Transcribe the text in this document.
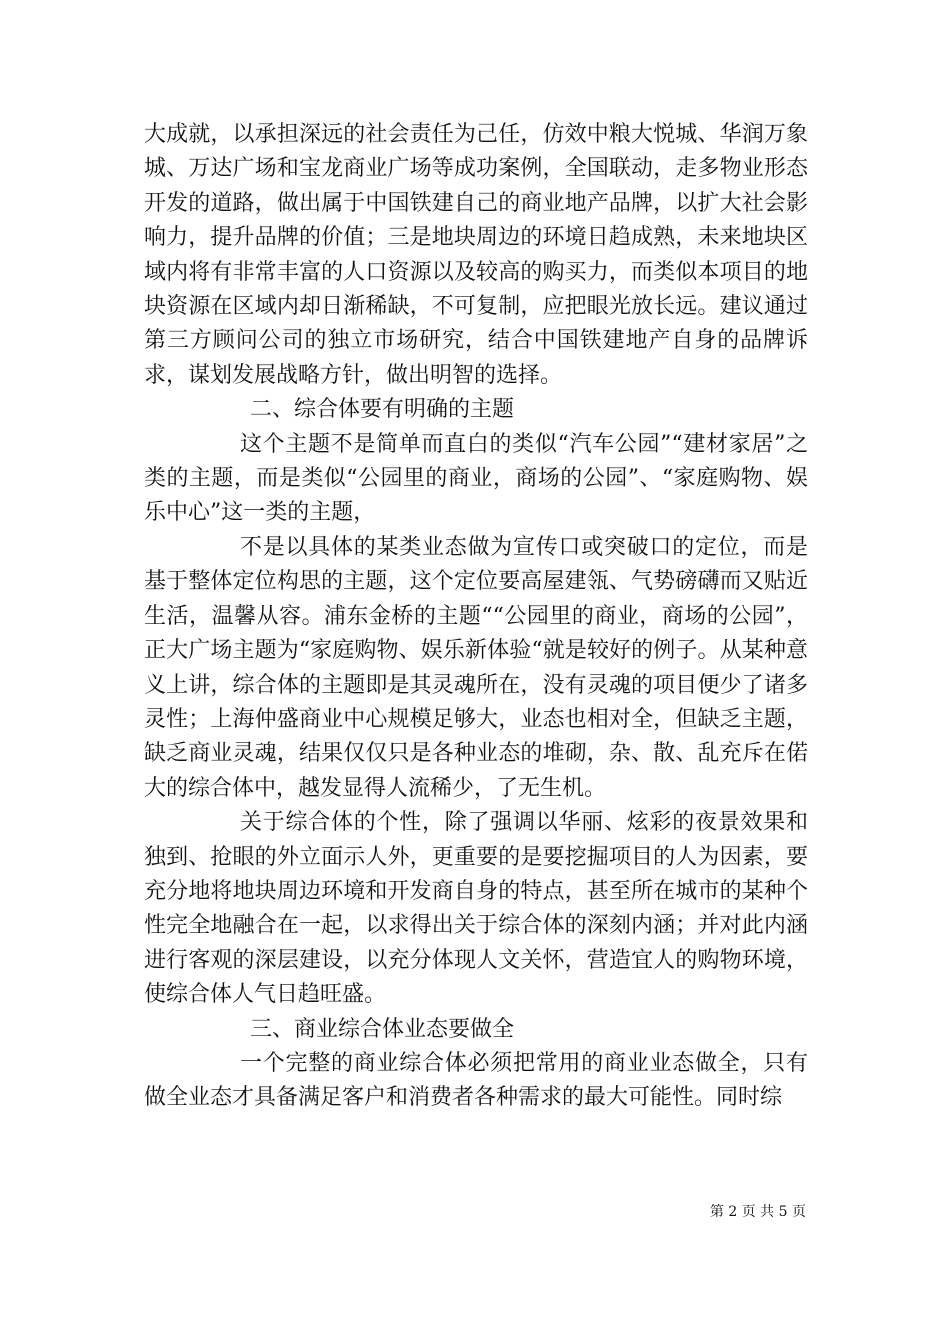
大成就，以承担深远的社会责任为己任，仿效中粮大悦城、华润万象城、万达广场和宝龙商业广场等成功案例，全国联动，走多物业形态开发的道路，做出属于中国铁建自己的商业地产品牌，以扩大社会影响力，提升品牌的价值；三是地块周边的环境日趋成熟，未来地块区域内将有非常丰富的人口资源以及较高的购买力，而类似本项目的地块资源在区域内却日渐稀缺，不可复制，应把眼光放长远。建议通过第三方顾问公司的独立市场研究，结合中国铁建地产自身的品牌诉求，谋划发展战略方针，做出明智的选择。

二、综合体要有明确的主题

这个主题不是简单而直白的类似“汽车公园”“建材家居”之类的主题，而是类似“公园里的商业，商场的公园”、“家庭购物、娱乐中心”这一类的主题，

不是以具体的某类业态做为宣传口或突破口的定位，而是基于整体定位构思的主题，这个定位要高屋建瓴、气势磅礴而又贴近生活，温馨从容。浦东金桥的主题““公园里的商业，商场的公园”，正大广场主题为“家庭购物、娱乐新体验“就是较好的例子。从某种意义上讲，综合体的主题即是其灵魂所在，没有灵魂的项目便少了诸多灵性；上海仲盛商业中心规模足够大，业态也相对全，但缺乏主题，缺乏商业灵魂，结果仅仅只是各种业态的堆砌，杂、散、乱充斥在偌大的综合体中，越发显得人流稀少，了无生机。

关于综合体的个性，除了强调以华丽、炫彩的夜景效果和独到、抢眼的外立面示人外，更重要的是要挖掘项目的人为因素，要充分地将地块周边环境和开发商自身的特点，甚至所在城市的某种个性完全地融合在一起，以求得出关于综合体的深刻内涵；并对此内涵进行客观的深层建设，以充分体现人文关怀，营造宜人的购物环境，使综合体人气日趋旺盛。

三、商业综合体业态要做全

一个完整的商业综合体必须把常用的商业业态做全，只有做全业态才具备满足客户和消费者各种需求的最大可能性。同时综

第 2 页 共 5 页
